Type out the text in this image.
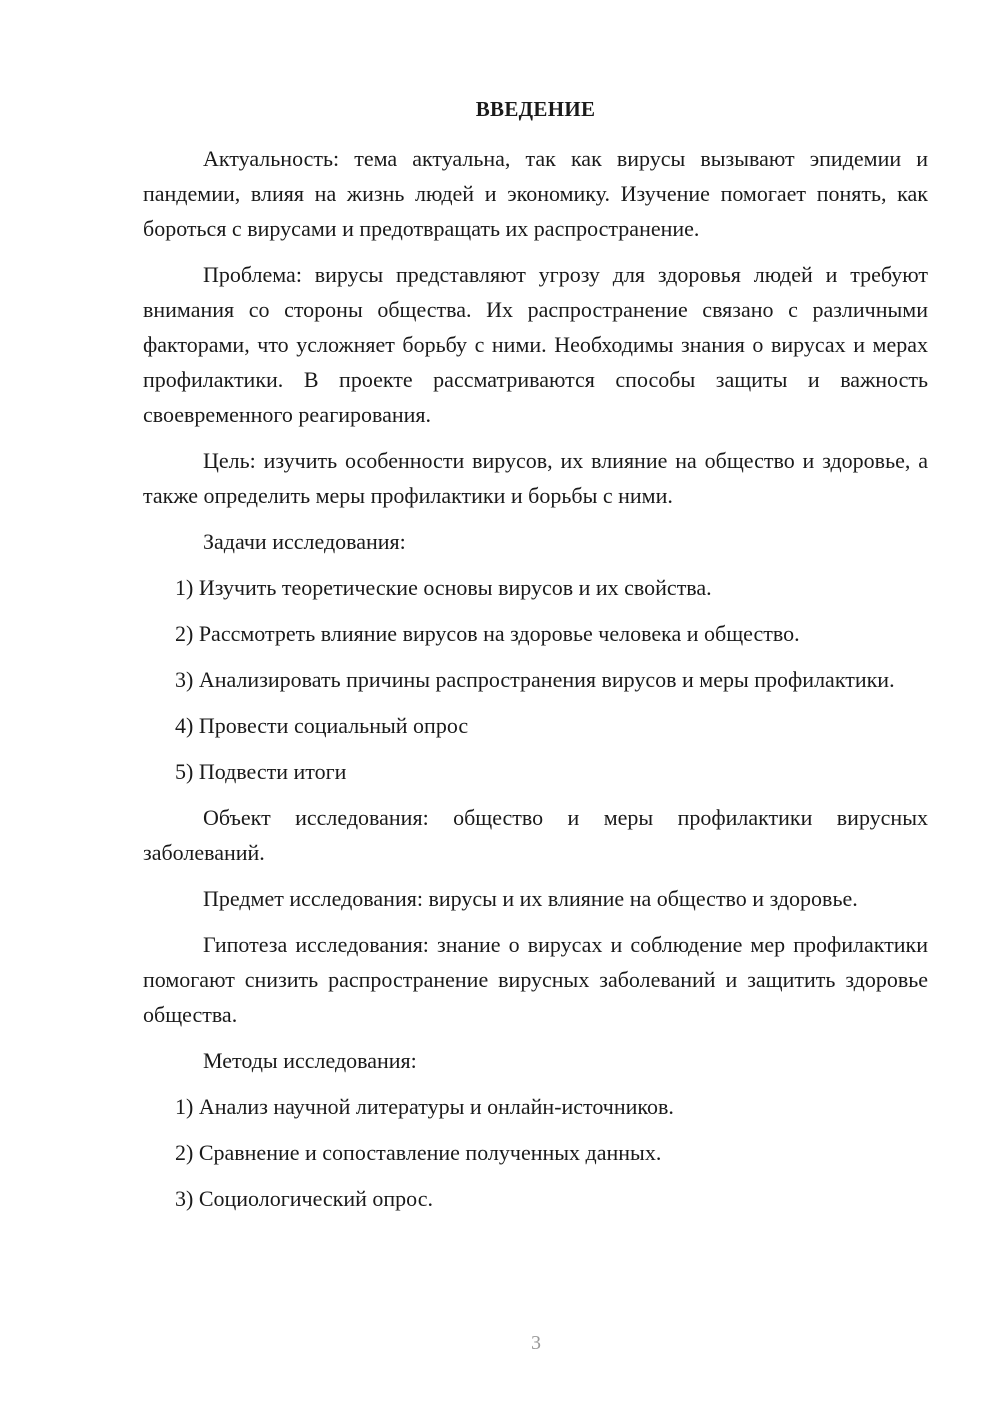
ВВЕДЕНИЕ

Актуальность: тема актуальна, так как вирусы вызывают эпидемии и пандемии, влияя на жизнь людей и экономику. Изучение помогает понять, как бороться с вирусами и предотвращать их распространение.

Проблема: вирусы представляют угрозу для здоровья людей и требуют внимания со стороны общества. Их распространение связано с различными факторами, что усложняет борьбу с ними. Необходимы знания о вирусах и мерах профилактики. В проекте рассматриваются способы защиты и важность своевременного реагирования.

Цель: изучить особенности вирусов, их влияние на общество и здоровье, а также определить меры профилактики и борьбы с ними.

Задачи исследования:

1) Изучить теоретические основы вирусов и их свойства.

2) Рассмотреть влияние вирусов на здоровье человека и общество.

3) Анализировать причины распространения вирусов и меры профилактики.

4) Провести социальный опрос

5) Подвести итоги

Объект исследования: общество и меры профилактики вирусных заболеваний.

Предмет исследования: вирусы и их влияние на общество и здоровье.

Гипотеза исследования: знание о вирусах и соблюдение мер профилактики помогают снизить распространение вирусных заболеваний и защитить здоровье общества.

Методы исследования:

1) Анализ научной литературы и онлайн-источников.

2) Сравнение и сопоставление полученных данных.

3) Социологический опрос.

3
